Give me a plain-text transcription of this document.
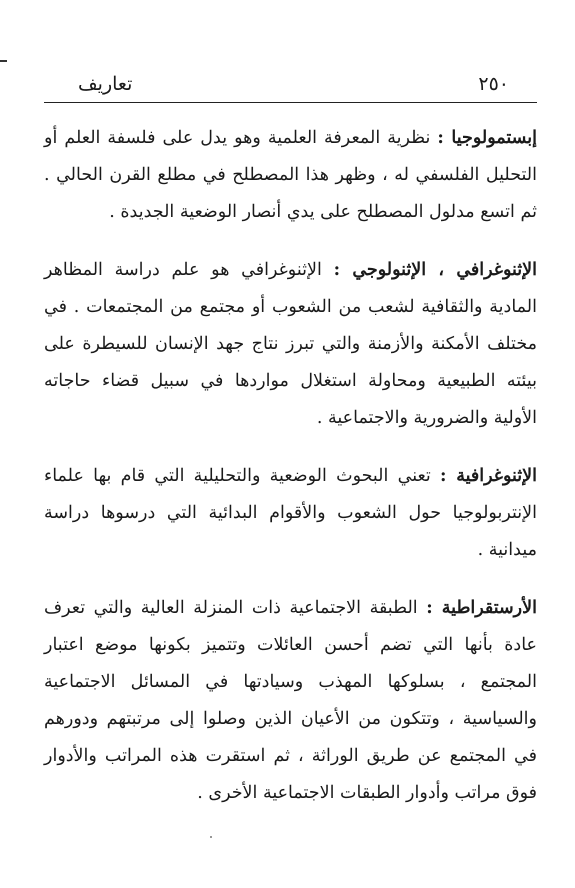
٢٥٠
تعاريف

إبستمولوجيا : نظرية المعرفة العلمية وهو يدل على فلسفة العلم أو التحليل الفلسفي له ، وظهر هذا المصطلح في مطلع القرن الحالي . ثم اتسع مدلول المصطلح على يدي أنصار الوضعية الجديدة .

الإثنوغرافي ، الإثنولوجي : الإثنوغرافي هو علم دراسة المظاهر المادية والثقافية لشعب من الشعوب أو مجتمع من المجتمعات . في مختلف الأمكنة والأزمنة والتي تبرز نتاج جهد الإنسان للسيطرة على بيئته الطبيعية ومحاولة استغلال مواردها في سبيل قضاء حاجاته الأولية والضرورية والاجتماعية .

الإثنوغرافية : تعني البحوث الوضعية والتحليلية التي قام بها علماء الإنتربولوجيا حول الشعوب والأقوام البدائية التي درسوها دراسة ميدانية .

الأرستقراطية : الطبقة الاجتماعية ذات المنزلة العالية والتي تعرف عادة بأنها التي تضم أحسن العائلات وتتميز بكونها موضع اعتبار المجتمع ، بسلوكها المهذب وسيادتها في المسائل الاجتماعية والسياسية ، وتتكون من الأعيان الذين وصلوا إلى مرتبتهم ودورهم في المجتمع عن طريق الوراثة ، ثم استقرت هذه المراتب والأدوار فوق مراتب وأدوار الطبقات الاجتماعية الأخرى .
